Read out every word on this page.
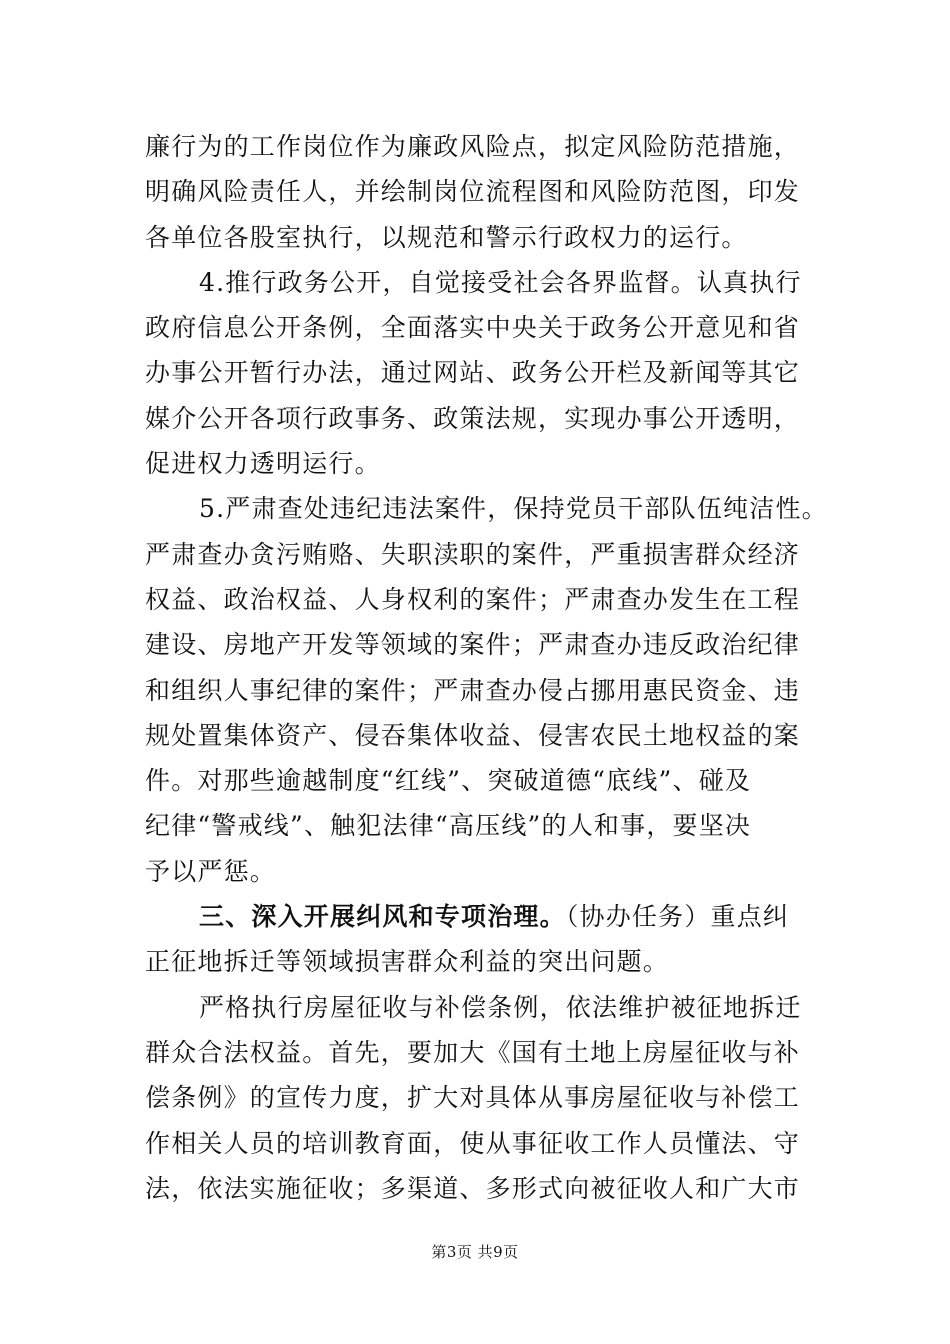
廉行为的工作岗位作为廉政风险点，拟定风险防范措施，
明确风险责任人，并绘制岗位流程图和风险防范图，印发
各单位各股室执行，以规范和警示行政权力的运行。
4.推行政务公开，自觉接受社会各界监督。认真执行
政府信息公开条例，全面落实中央关于政务公开意见和省
办事公开暂行办法，通过网站、政务公开栏及新闻等其它
媒介公开各项行政事务、政策法规，实现办事公开透明，
促进权力透明运行。
5.严肃查处违纪违法案件，保持党员干部队伍纯洁性。
严肃查办贪污贿赂、失职渎职的案件，严重损害群众经济
权益、政治权益、人身权利的案件；严肃查办发生在工程
建设、房地产开发等领域的案件；严肃查办违反政治纪律
和组织人事纪律的案件；严肃查办侵占挪用惠民资金、违
规处置集体资产、侵吞集体收益、侵害农民土地权益的案
件。对那些逾越制度“红线”、突破道德“底线”、碰及
纪律“警戒线”、触犯法律“高压线”的人和事，要坚决
予以严惩。
三、深入开展纠风和专项治理。（协办任务）重点纠
正征地拆迁等领域损害群众利益的突出问题。
严格执行房屋征收与补偿条例，依法维护被征地拆迁
群众合法权益。首先，要加大《国有土地上房屋征收与补
偿条例》的宣传力度，扩大对具体从事房屋征收与补偿工
作相关人员的培训教育面，使从事征收工作人员懂法、守
法，依法实施征收；多渠道、多形式向被征收人和广大市
第3页 共9页
